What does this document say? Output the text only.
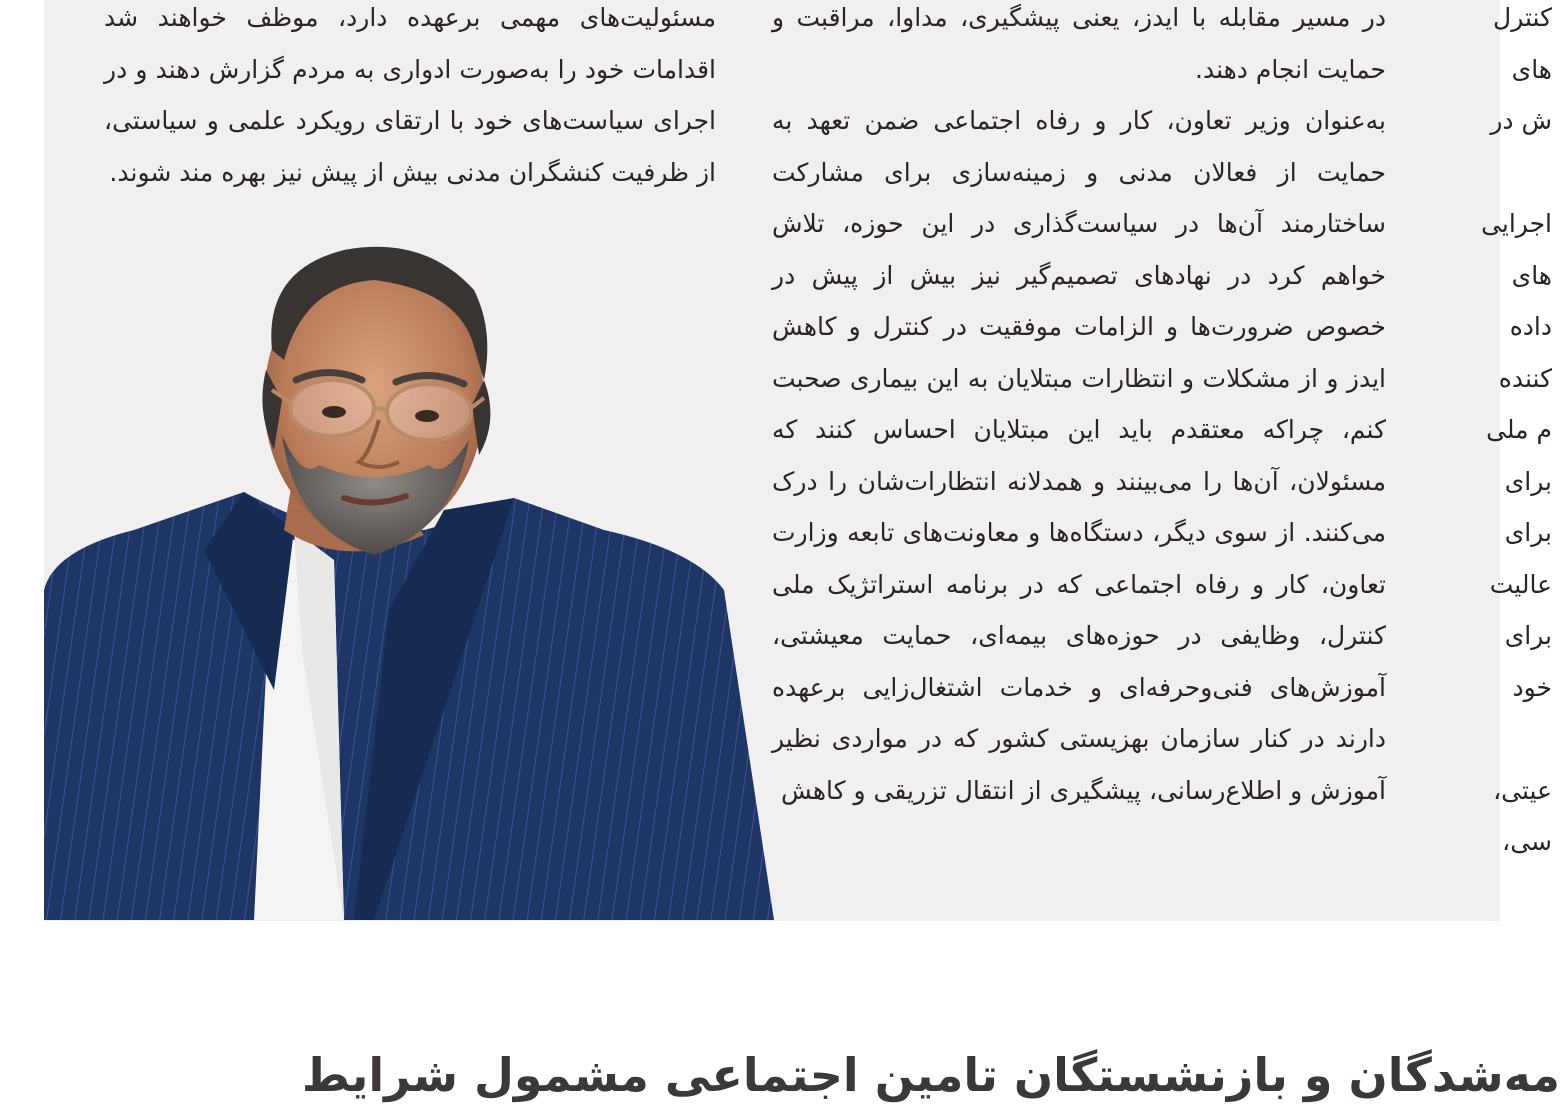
مسئولیت‌های مهمی برعهده دارد، موظف خواهند شد اقدامات خود را به‌صورت ادواری به مردم گزارش دهند و در اجرای سیاست‌های خود با ارتقای رویکرد علمی و سیاستی، از ظرفیت کنشگران مدنی بیش از پیش نیز بهره مند شوند.

در مسیر مقابله با ایدز، یعنی پیشگیری، مداوا، مراقبت و حمایت انجام دهند.

به‌عنوان وزیر تعاون، کار و رفاه اجتماعی ضمن تعهد به حمایت از فعالان مدنی و زمینه‌سازی برای مشارکت ساختارمند آن‌ها در سیاست‌گذاری در این حوزه، تلاش خواهم کرد در نهادهای تصمیم‌گیر نیز بیش از پیش در خصوص ضرورت‌ها و الزامات موفقیت در کنترل و کاهش ایدز و از مشکلات و انتظارات مبتلایان به این بیماری صحبت کنم، چراکه معتقدم باید این مبتلایان احساس کنند که مسئولان، آن‌ها را می‌بینند و همدلانه انتظارات‌شان را درک می‌کنند. از سوی دیگر، دستگاه‌ها و معاونت‌های تابعه وزارت تعاون، کار و رفاه اجتماعی که در برنامه استراتژیک ملی کنترل، وظایفی در حوزه‌های بیمه‌ای، حمایت معیشتی، آموزش‌های فنی‌وحرفه‌ای و خدمات اشتغال‌زایی برعهده دارند در کنار سازمان بهزیستی کشور که در مواردی نظیر آموزش و اطلاع‌رسانی، پیشگیری از انتقال تزریقی و کاهش

کنترل
های
ش در
اجرایی
های
داده
کننده
م ملی
برای
برای
عالیت
برای
خود
عیتی،
سی،
مه‌شدگان و بازنشستگان تامین اجتماعی مشمول شرایط
